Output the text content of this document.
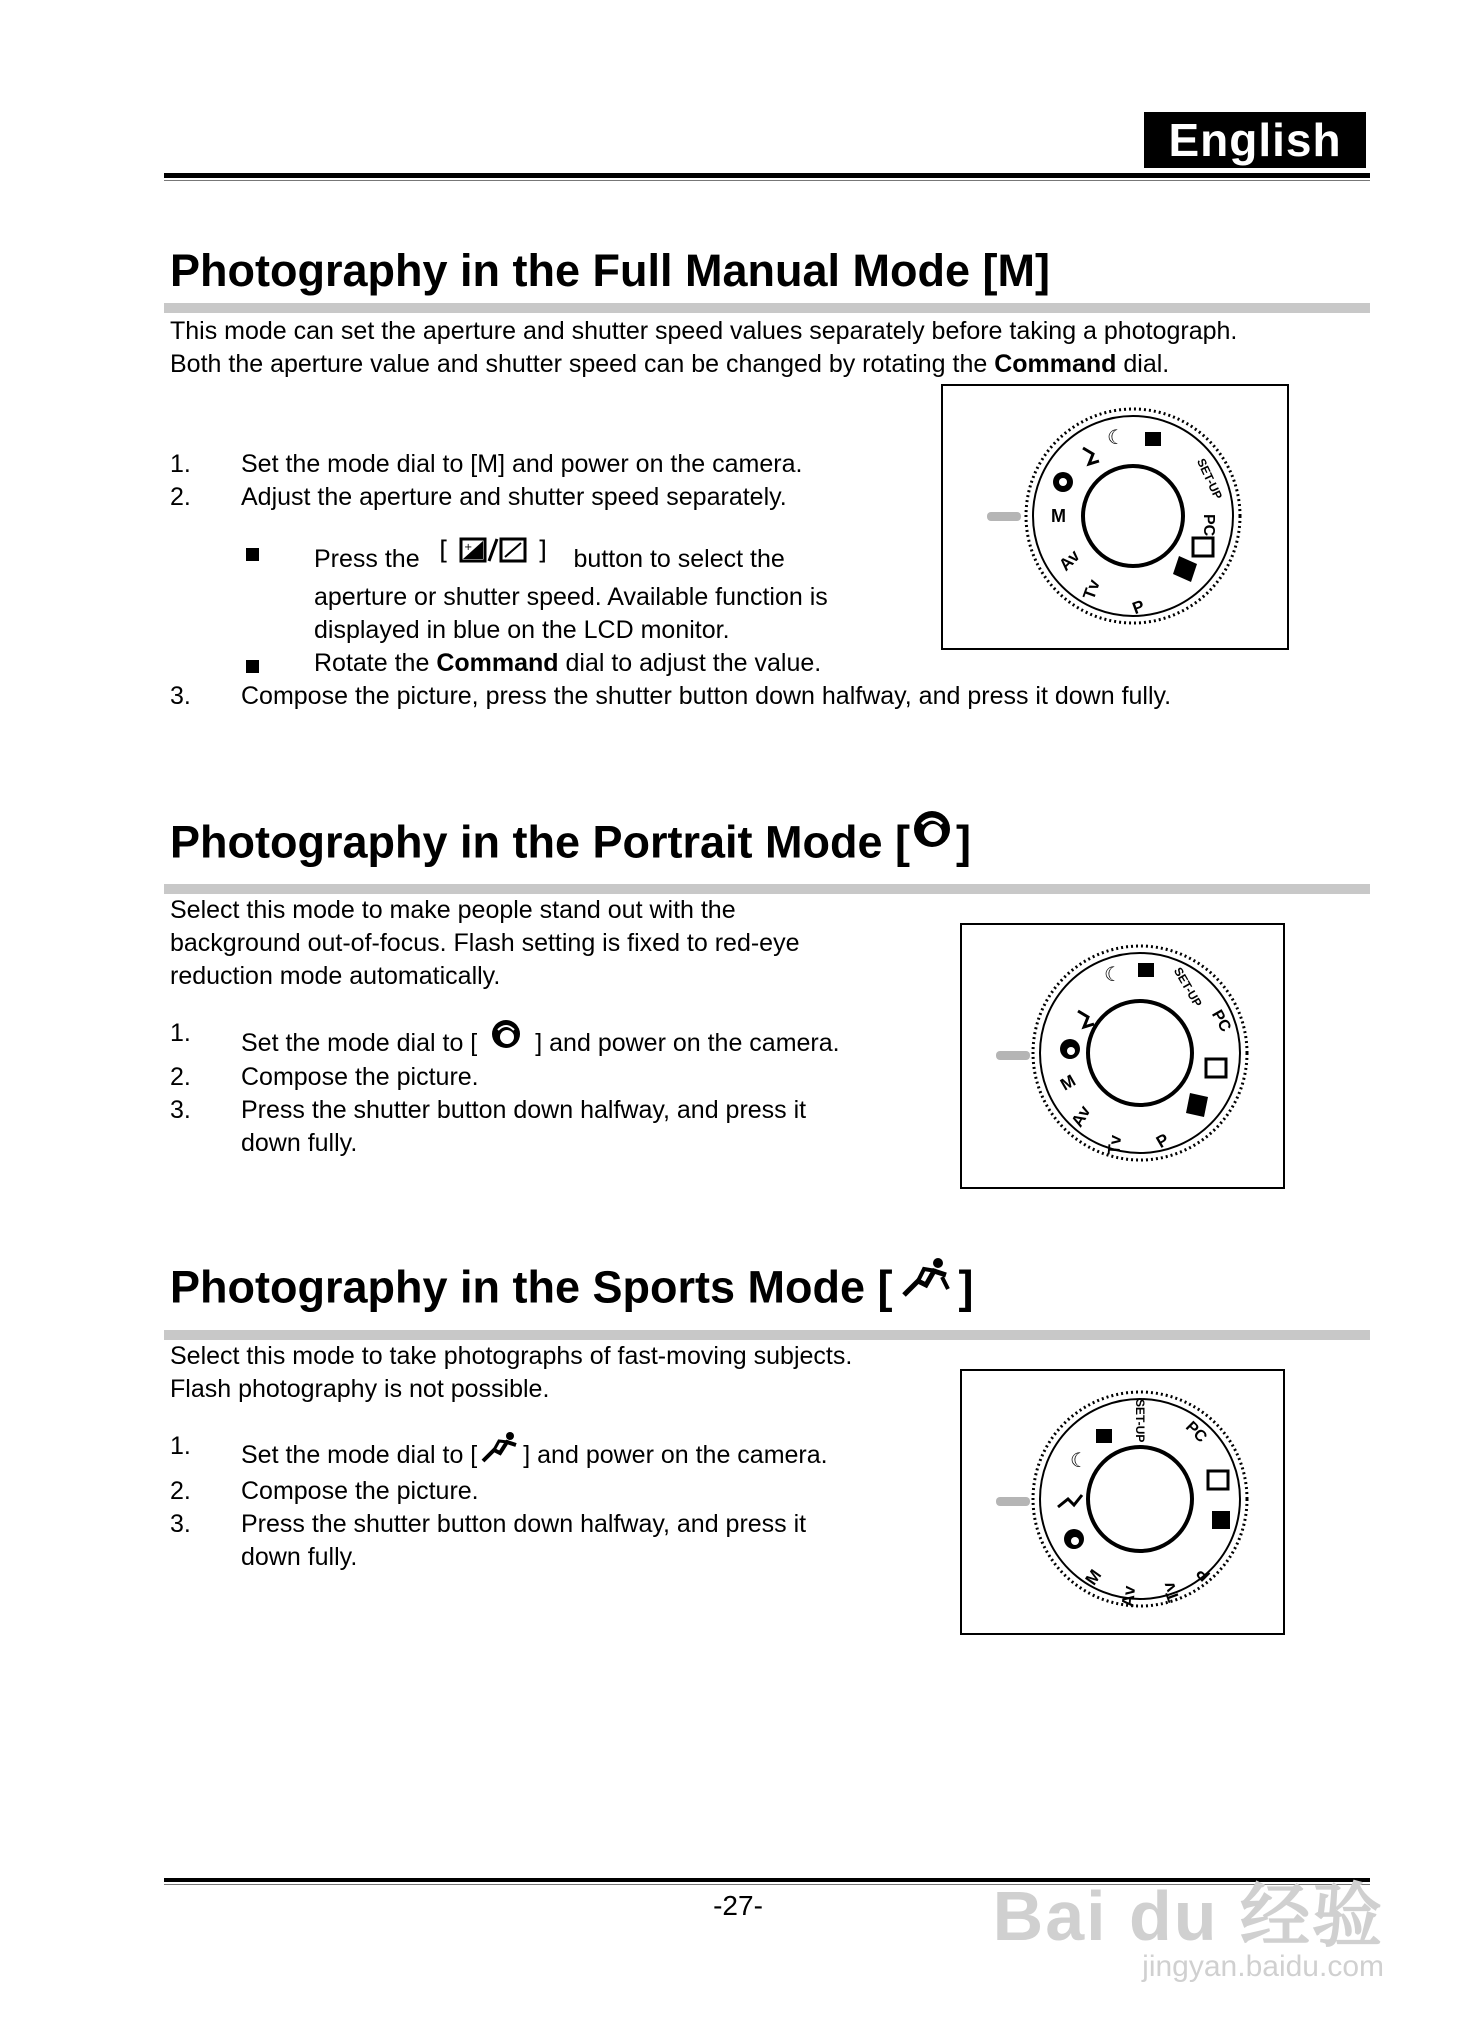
English
Photography in the Full Manual Mode [M]

This mode can set the aperture and shutter speed values separately before taking a photograph.

Both the aperture value and shutter speed can be changed by rotating the Command dial.

1. Set the mode dial to [M] and power on the camera.
2. Adjust the aperture and shutter speed separately.
Press the [ + ] button to select the
aperture or shutter speed. Available function is
displayed in blue on the LCD monitor.
Rotate the Command dial to adjust the value.
3. Compose the picture, press the shutter button down halfway, and press it down fully.
M
Av
Tv
P
PC
SET-UP
☾
Photography in the Portrait Mode [ ]

Select this mode to make people stand out with the

background out-of-focus. Flash setting is fixed to red-eye

reduction mode automatically.

1. Set the mode dial to [ ] and power on the camera.
2. Compose the picture.
3. Press the shutter button down halfway, and press it
down fully.
M
Av
Tv P
PC
SET-UP
☾
Photography in the Sports Mode [ ]

Select this mode to take photographs of fast-moving subjects.

Flash photography is not possible.

1. Set the mode dial to [ ] and power on the camera.
2. Compose the picture.
3. Press the shutter button down halfway, and press it
down fully.
M
Av Tv
P
PC
SET-UP
☾
-27-	Bai du 经验
jingyan.baidu.com
